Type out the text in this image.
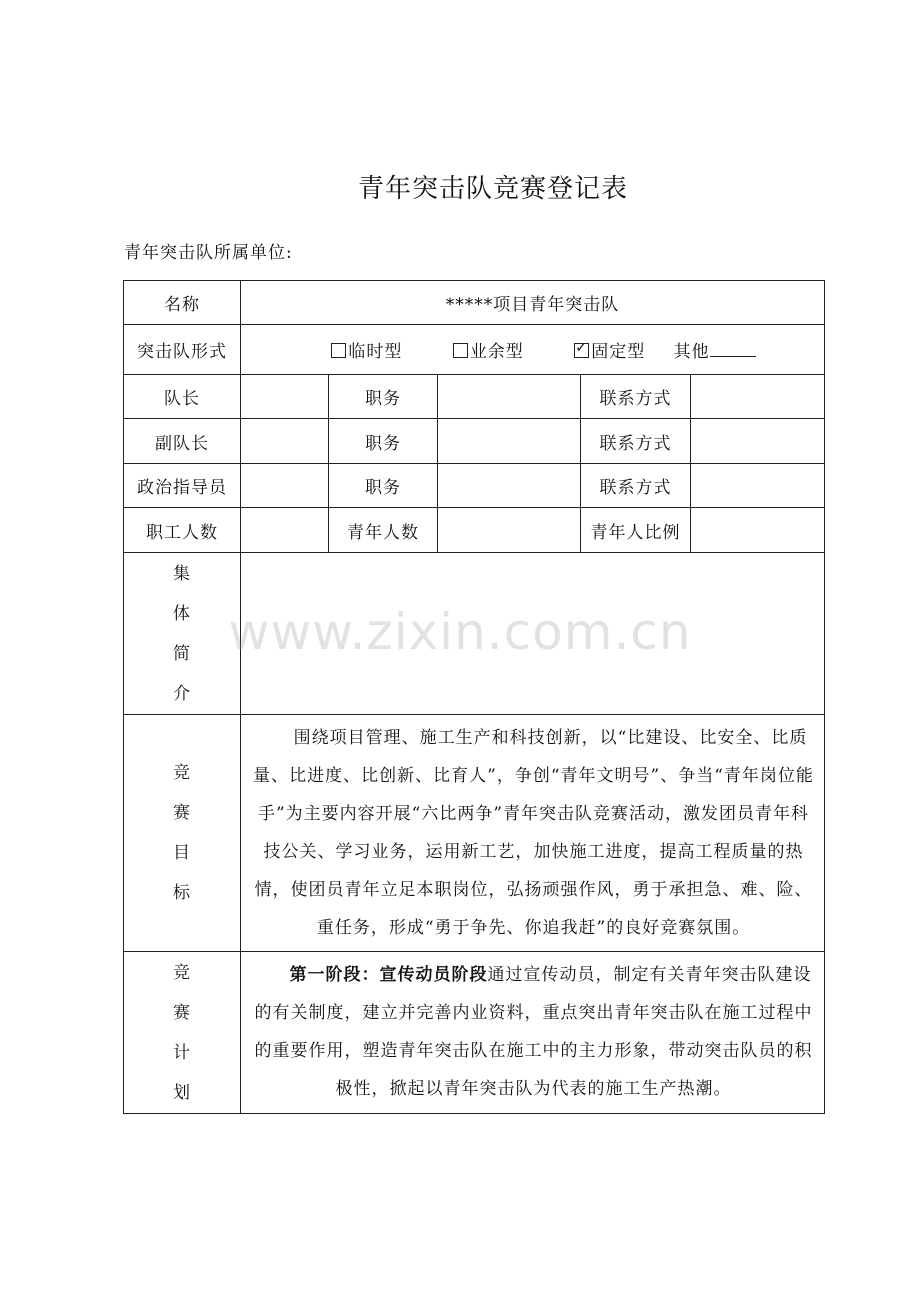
青年突击队竞赛登记表
青年突击队所属单位:
名称	*****项目青年突击队				
突击队形式	临时型 业余型 ✓ 固定型 其他
队长		职务		联系方式	
副队长		职务		联系方式	
政治指导员		职务		联系方式	
职工人数		青年人数		青年人比例	

集
体
简
介					

竞
赛
目
标	围绕项目管理、施工生产和科技创新，以“比建设、比安全、比质量、比进度、比创新、比育人”，争创“青年文明号”、争当“青年岗位能手”为主要内容开展“六比两争”青年突击队竞赛活动，激发团员青年科技公关、学习业务，运用新工艺，加快施工进度，提高工程质量的热情，使团员青年立足本职岗位，弘扬顽强作风，勇于承担急、难、险、重任务，形成“勇于争先、你追我赶”的良好竞赛氛围。				

竞
赛
计
划	第一阶段：宣传动员阶段通过宣传动员，制定有关青年突击队建设的有关制度，建立并完善内业资料，重点突出青年突击队在施工过程中的重要作用，塑造青年突击队在施工中的主力形象，带动突击队员的积极性，掀起以青年突击队为代表的施工生产热潮。				
www.zixin.com.cn
